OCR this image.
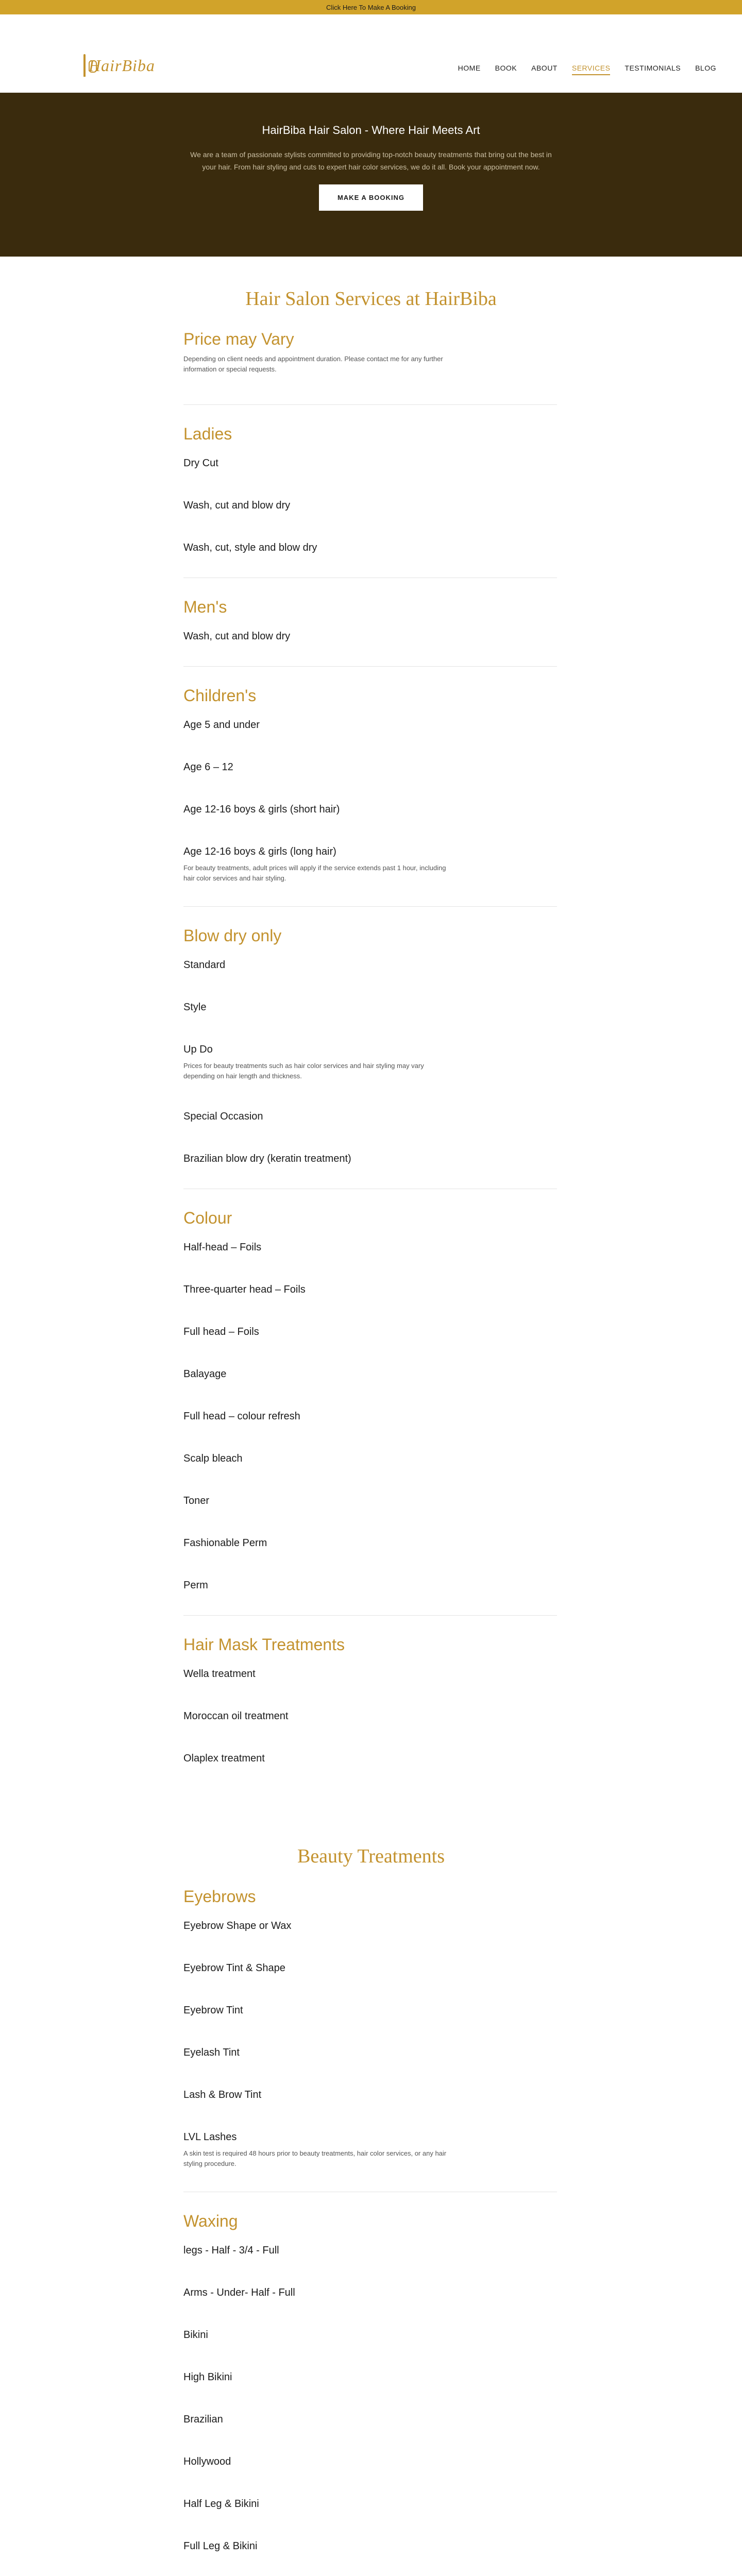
Click Here To Make A Booking
HairBiba	HOME BOOK ABOUT SERVICES TESTIMONIALS BLOG
HairBiba Hair Salon - Where Hair Meets Art

We are a team of passionate stylists committed to providing top-notch beauty treatments that bring out the best in your hair. From hair styling and cuts to expert hair color services, we do it all. Book your appointment now.

MAKE A BOOKING
Hair Salon Services at HairBiba
Price may Vary

Depending on client needs and appointment duration. Please contact me for any further information or special requests.

Ladies
Dry Cut
Wash, cut and blow dry
Wash, cut, style and blow dry
Men's
Wash, cut and blow dry
Children's
Age 5 and under
Age 6 – 12
Age 12-16 boys & girls (short hair)
Age 12-16 boys & girls (long hair)
For beauty treatments, adult prices will apply if the service extends past 1 hour, including hair color services and hair styling.
Blow dry only
Standard
Style
Up Do
Prices for beauty treatments such as hair color services and hair styling may vary depending on hair length and thickness.
Special Occasion
Brazilian blow dry (keratin treatment)
Colour
Half-head – Foils
Three-quarter head – Foils
Full head – Foils
Balayage
Full head – colour refresh
Scalp bleach
Toner
Fashionable Perm
Perm
Hair Mask Treatments
Wella treatment
Moroccan oil treatment
Olaplex treatment
Beauty Treatments
Eyebrows
Eyebrow Shape or Wax
Eyebrow Tint & Shape
Eyebrow Tint
Eyelash Tint
Lash & Brow Tint
LVL Lashes
A skin test is required 48 hours prior to beauty treatments, hair color services, or any hair styling procedure.
Waxing
legs - Half - 3/4 - Full
Arms - Under- Half - Full
Bikini
High Bikini
Brazilian
Hollywood
Half Leg & Bikini
Full Leg & Bikini
